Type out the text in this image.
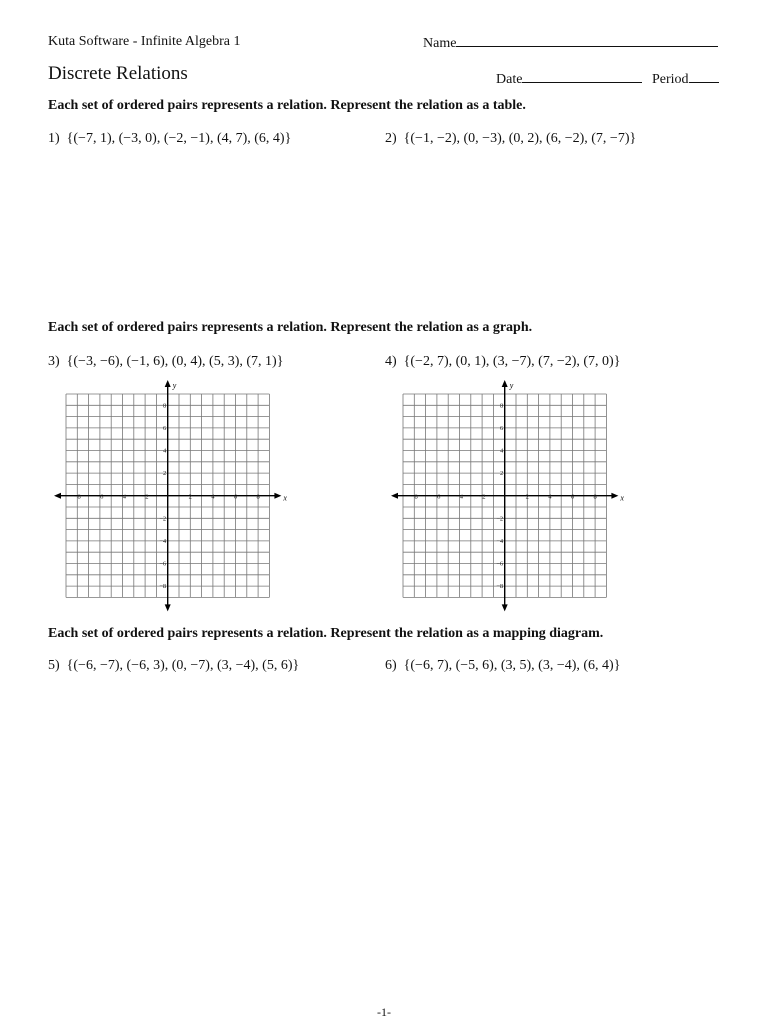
Kuta Software - Infinite Algebra 1	Name
Discrete Relations	Date	Period
Each set of ordered pairs represents a relation. Represent the relation as a table.
1) {(−7, 1), (−3, 0), (−2, −1), (4, 7), (6, 4)}	2) {(−1, −2), (0, −3), (0, 2), (6, −2), (7, −7)}
Each set of ordered pairs represents a relation. Represent the relation as a graph.
3) {(−3, −6), (−1, 6), (0, 4), (5, 3), (7, 1)}	4) {(−2, 7), (0, 1), (3, −7), (7, −2), (7, 0)}
x
y
−8 −6 −4 −2	2	4	6	8
8
6
4
2
−2
−4
−6
−8
x
y
−8 −6 −4 −2	2	4	6	8
8
6
4
2
−2
−4
−6
−8
Each set of ordered pairs represents a relation. Represent the relation as a mapping diagram.
5) {(−6, −7), (−6, 3), (0, −7), (3, −4), (5, 6)}	6) {(−6, 7), (−5, 6), (3, 5), (3, −4), (6, 4)}
-1-
